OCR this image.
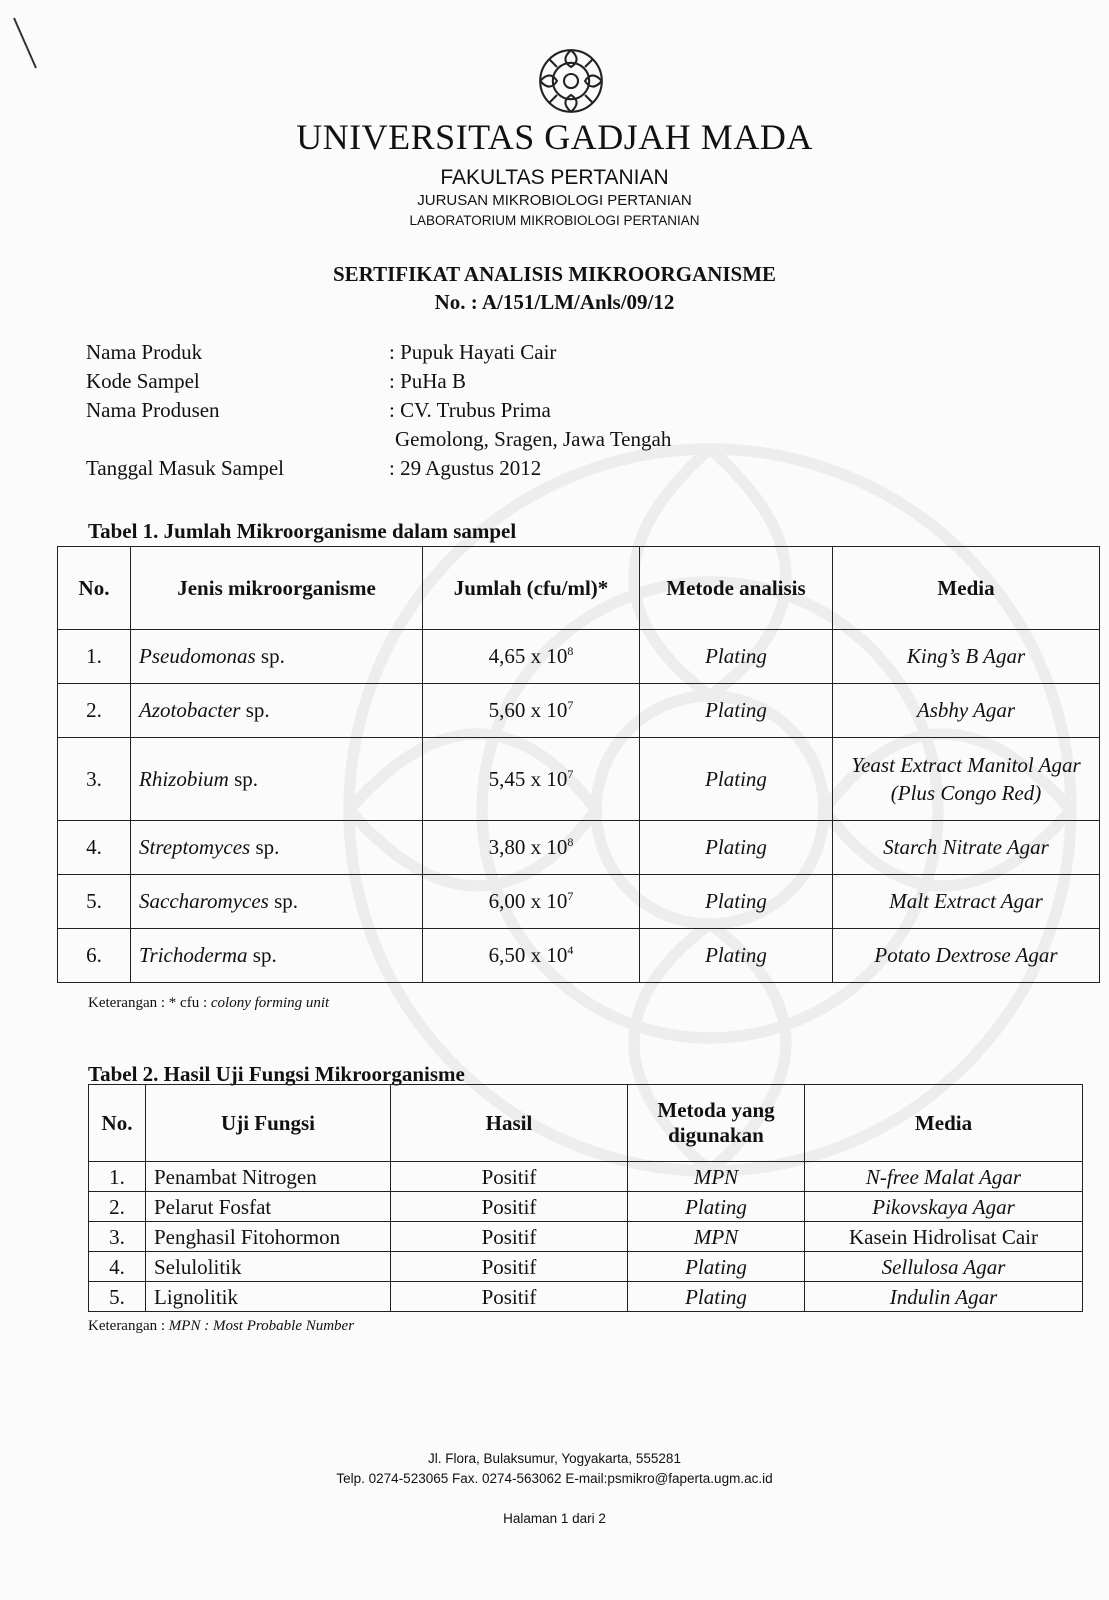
UNIVERSITAS GADJAH MADA
FAKULTAS PERTANIAN
JURUSAN MIKROBIOLOGI PERTANIAN
LABORATORIUM MIKROBIOLOGI PERTANIAN
SERTIFIKAT ANALISIS MIKROORGANISME
No. : A/151/LM/Anls/09/12
Nama Produk	: Pupuk Hayati Cair
Kode Sampel	: PuHa B
Nama Produsen	: CV. Trubus Prima
Gemolong, Sragen, Jawa Tengah
Tanggal Masuk Sampel	: 29 Agustus 2012
Tabel 1. Jumlah Mikroorganisme dalam sampel
No.	Jenis mikroorganisme	Jumlah (cfu/ml)*	Metode analisis	Media
1.	Pseudomonas sp.	4,65 x $10^8$	Plating	King’s B Agar
2.	Azotobacter sp.	5,60 x $10^7$	Plating	Asbhy Agar
3.	Rhizobium sp.	5,45 x $10^7$	Plating	Yeast Extract Manitol Agar (Plus Congo Red)
4.	Streptomyces sp.	3,80 x $10^8$	Plating	Starch Nitrate Agar
5.	Saccharomyces sp.	6,00 x $10^7$	Plating	Malt Extract Agar
6.	Trichoderma sp.	6,50 x $10^4$	Plating	Potato Dextrose Agar
Keterangan : * cfu : colony forming unit
Tabel 2. Hasil Uji Fungsi Mikroorganisme
No.	Uji Fungsi	Hasil	Metoda yang digunakan	Media
1.	Penambat Nitrogen	Positif	MPN	N-free Malat Agar
2.	Pelarut Fosfat	Positif	Plating	Pikovskaya Agar
3.	Penghasil Fitohormon	Positif	MPN	Kasein Hidrolisat Cair
4.	Selulolitik	Positif	Plating	Sellulosa Agar
5.	Lignolitik	Positif	Plating	Indulin Agar
Keterangan : MPN : Most Probable Number
Jl. Flora, Bulaksumur, Yogyakarta, 555281
Telp. 0274-523065 Fax. 0274-563062 E-mail:psmikro@faperta.ugm.ac.id
Halaman 1 dari 2
